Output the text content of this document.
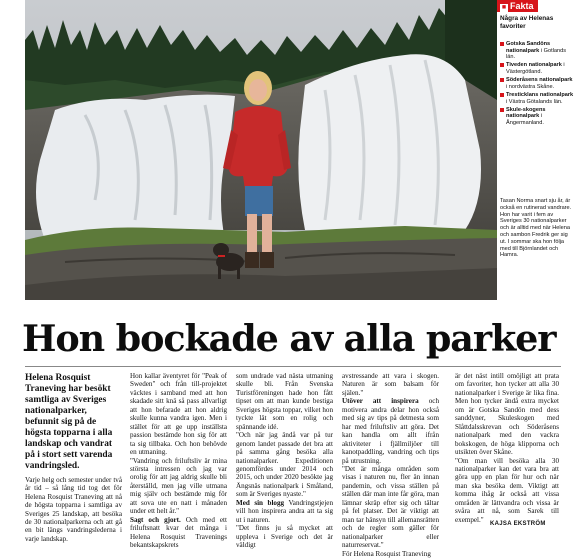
■ Fakta
Några av Helenas favoriter
Gotska Sandöns nationalpark i Gotlands län.
Tiveden nationalpark i Västergötland.
Söderåsens nationalpark i nordvästra Skåne.
Tresticklans nationalpark i Västra Götalands län.
Skule-skogens nationalpark i Ångermanland.
Tasan Norma snart sju år, är också en rutinerad vandrare. Hon har varit i fem av Sveriges 30 nationalparker och är alltid med när Helena och sambon Fredrik ger sig ut. I sommar ska hon följa med till Björnlandet och Hamra.
Hon bockade av alla parker
Helena Rosquist Traneving har besökt samtliga av Sveriges nationalparker, befunnit sig på de högsta topparna i alla landskap och vandrat på i stort sett varenda vandringsled.
Varje helg och semester under två år tid – så lång tid tog det för Helena Rosquist Traneving att nå de högsta topparna i samtliga av Sveriges 25 landskap, att besöka de 30 nationalparkerna och att gå en bit längs vandringslederna i varje landskap.

Hon kallar äventyret för "Peak of Sweden" och från till-projektet väcktes i samband med att hon skadade sitt knä så pass allvarligt att hon befarade att hon aldrig skulle kunna vandra igen. Men i stället för att ge upp inställsta passion bestämde hon sig för att ta sig tillbaka. Och hon behövde en utmaning.

"Vandring och friluftsliv är mina största intressen och jag var orolig för att jag aldrig skulle bli återställd, men jag ville utmana mig själv och bestämde mig för att sova ute en natt i månaden under ett helt år."

Sagt och gjort. Och med ett friluftsnatt kvar det många i Helena Rosquist Travenings bekantskapskrets

som undrade vad nästa utmaning skulle bli. Från Svenska Turistföreningen hade hon fått tipset om att man kunde bestiga Sveriges högsta toppar, vilket hon tyckte lät som en rolig och spännande idé.

"Och när jag ändå var på tur genom landet passade det bra att på samma gång besöka alla nationalparker. Expeditionen genomfördes under 2014 och 2015, och under 2020 besökte jag Ängsnäs nationalpark i Småland, som är Sveriges nyaste."

Med sin blogg Vandringstjejen vill hon inspirera andra att ta sig ut i naturen.

"Det finns ju så mycket att uppleva i Sverige och det är väldigt

avstressande att vara i skogen. Naturen är som balsam för själen."

Utöver att inspirera och motivera andra delar hon också med sig av tips på detmesta som har med friluftsliv att göra. Det kan handla om allt ifrån aktiviteter i fjällmiljöer till kanotpaddling, vandring och tips på utrustning.

"Det är många områden som visas i naturen nu, fler än innan pandemin, och vissa ställen på ställen där man inte får göra, man lämnar skräp efter sig och tältar på fel platser. Det är viktigt att man tar hänsyn till allemansrätten och de regler som gäller för nationalparker eller naturreservat."

För Helena Rosquist Traneving

är det näst intill omöjligt att prata om favoriter, hon tycker att alla 30 nationalparker i Sverige är lika fina. Men hon tycker ändå extra mycket om är Gotska Sandön med dess sanddyner, Skuleskogen med Slåttdalsskrevan och Söderåsens nationalpark med den vackra bokskogen, de höga klipporna och utsikten över Skåne.

"Om man vill besöka alla 30 nationalparker kan det vara bra att göra upp en plan för hur och när man ska besöka dem. Viktigt att komma ihåg är också att vissa områden är lättvandra och vissa är svåra att nå, som Sarek till exempel."

KAJSA EKSTRÖM
